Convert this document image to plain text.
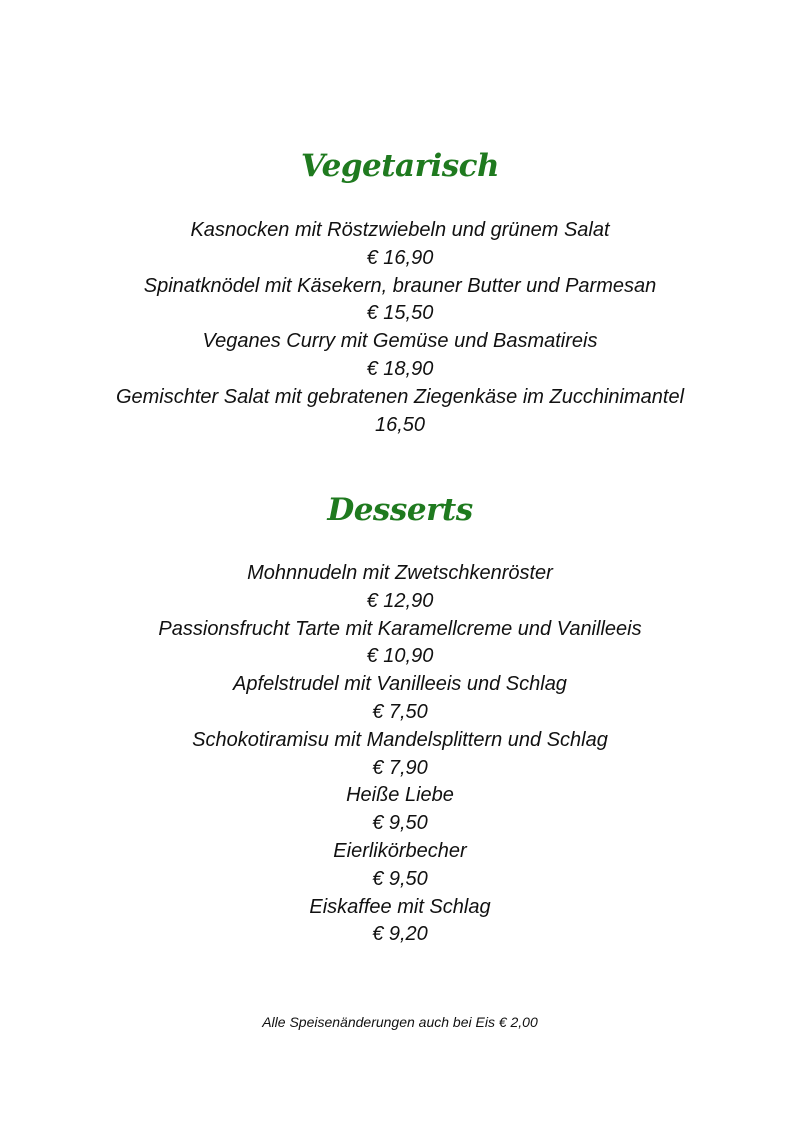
Vegetarisch
Kasnocken mit Röstzwiebeln und grünem Salat
€ 16,90
Spinatknödel mit Käsekern, brauner Butter und Parmesan
€ 15,50
Veganes Curry mit Gemüse und Basmatireis
€ 18,90
Gemischter Salat mit gebratenen Ziegenkäse im Zucchinimantel
16,50
Desserts
Mohnnudeln mit Zwetschkenröster
€ 12,90
Passionsfrucht Tarte mit Karamellcreme und Vanilleeis
€ 10,90
Apfelstrudel mit Vanilleeis und Schlag
€ 7,50
Schokotiramisu mit Mandelsplittern und Schlag
€ 7,90
Heiße Liebe
€ 9,50
Eierlikörbecher
€ 9,50
Eiskaffee mit Schlag
€ 9,20

Alle Speisenänderungen auch bei Eis € 2,00
